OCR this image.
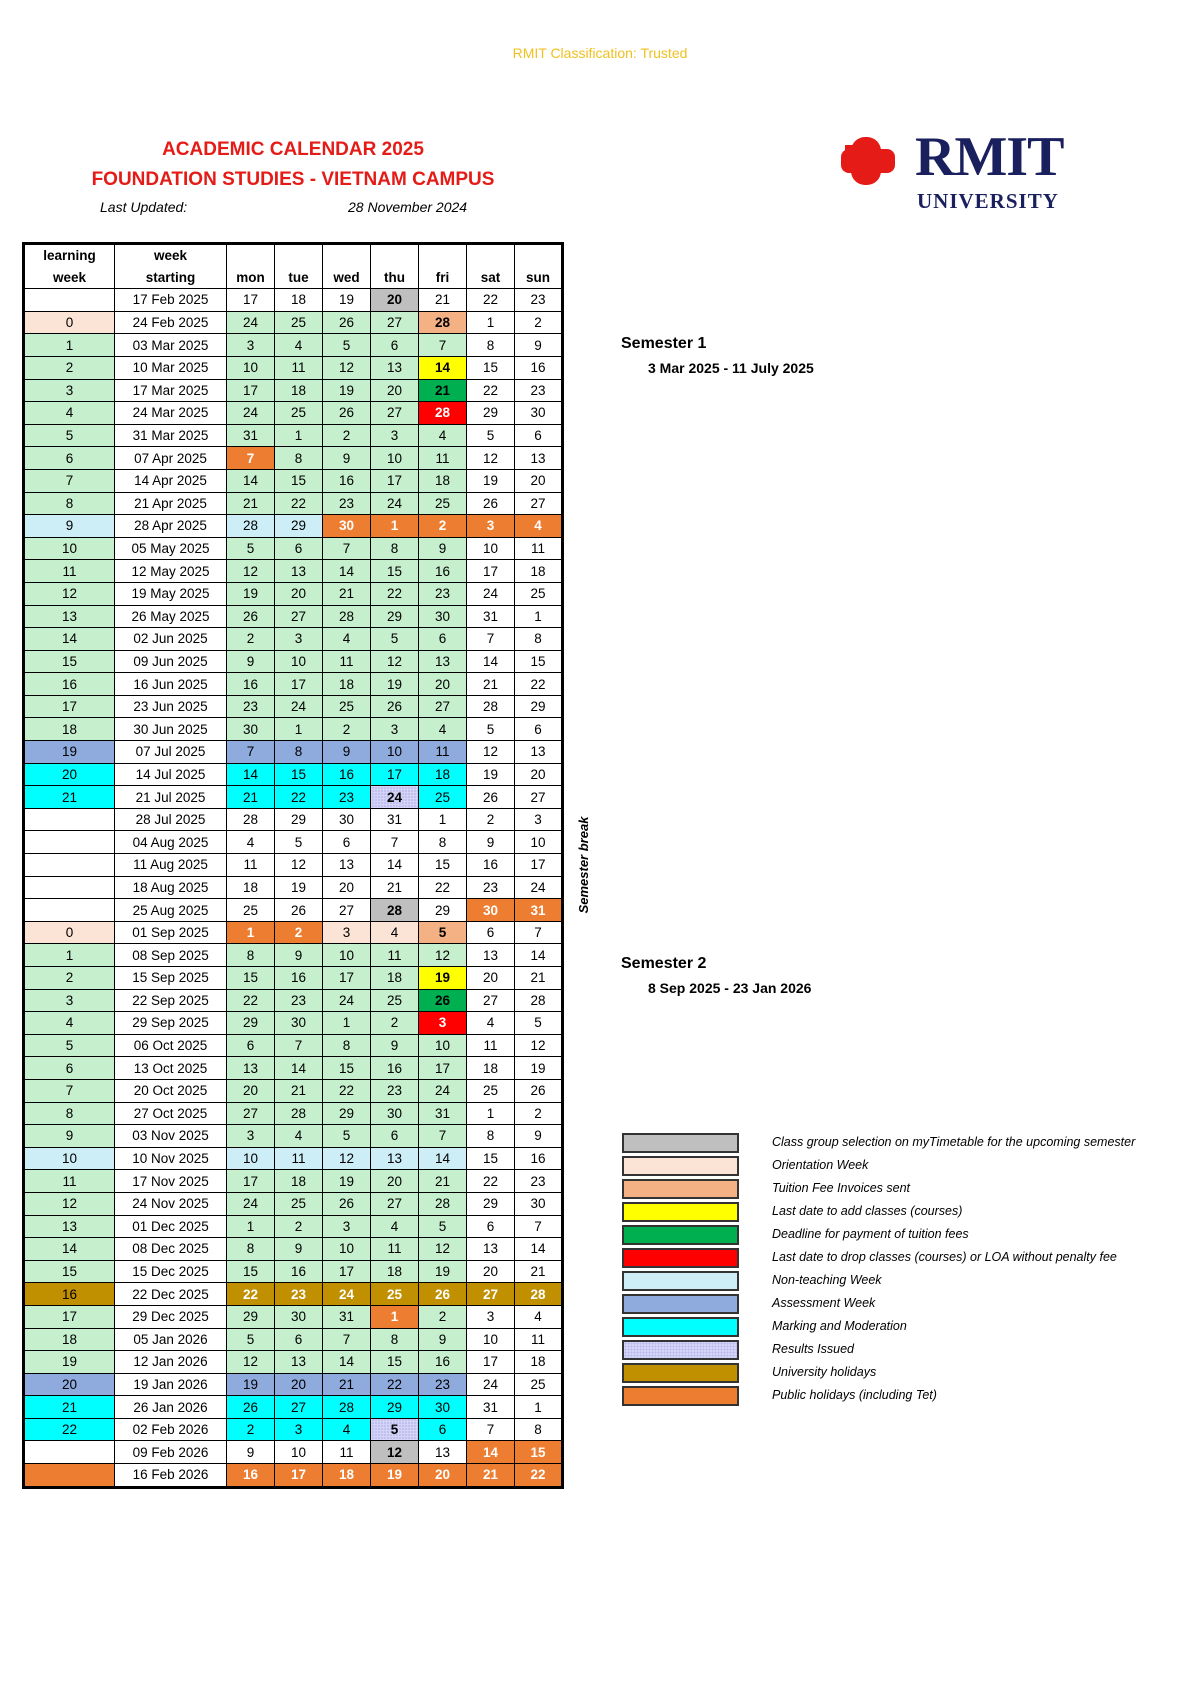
RMIT Classification: Trusted
ACADEMIC CALENDAR 2025
FOUNDATION STUDIES - VIETNAM CAMPUS
Last Updated:	28 November 2024
RMIT
UNIVERSITY
learning	week							
week	starting	mon	tue	wed	thu	fri	sat	sun
	17 Feb 2025	17	18	19	20	21	22	23
0	24 Feb 2025	24	25	26	27	28	1	2
1	03 Mar 2025	3	4	5	6	7	8	9
2	10 Mar 2025	10	11	12	13	14	15	16
3	17 Mar 2025	17	18	19	20	21	22	23
4	24 Mar 2025	24	25	26	27	28	29	30
5	31 Mar 2025	31	1	2	3	4	5	6
6	07 Apr 2025	7	8	9	10	11	12	13
7	14 Apr 2025	14	15	16	17	18	19	20
8	21 Apr 2025	21	22	23	24	25	26	27
9	28 Apr 2025	28	29	30	1	2	3	4
10	05 May 2025	5	6	7	8	9	10	11
11	12 May 2025	12	13	14	15	16	17	18
12	19 May 2025	19	20	21	22	23	24	25
13	26 May 2025	26	27	28	29	30	31	1
14	02 Jun 2025	2	3	4	5	6	7	8
15	09 Jun 2025	9	10	11	12	13	14	15
16	16 Jun 2025	16	17	18	19	20	21	22
17	23 Jun 2025	23	24	25	26	27	28	29
18	30 Jun 2025	30	1	2	3	4	5	6
19	07 Jul 2025	7	8	9	10	11	12	13
20	14 Jul 2025	14	15	16	17	18	19	20
21	21 Jul 2025	21	22	23	24	25	26	27
	28 Jul 2025	28	29	30	31	1	2	3
	04 Aug 2025	4	5	6	7	8	9	10
	11 Aug 2025	11	12	13	14	15	16	17
	18 Aug 2025	18	19	20	21	22	23	24
	25 Aug 2025	25	26	27	28	29	30	31
0	01 Sep 2025	1	2	3	4	5	6	7
1	08 Sep 2025	8	9	10	11	12	13	14
2	15 Sep 2025	15	16	17	18	19	20	21
3	22 Sep 2025	22	23	24	25	26	27	28
4	29 Sep 2025	29	30	1	2	3	4	5
5	06 Oct 2025	6	7	8	9	10	11	12
6	13 Oct 2025	13	14	15	16	17	18	19
7	20 Oct 2025	20	21	22	23	24	25	26
8	27 Oct 2025	27	28	29	30	31	1	2
9	03 Nov 2025	3	4	5	6	7	8	9
10	10 Nov 2025	10	11	12	13	14	15	16
11	17 Nov 2025	17	18	19	20	21	22	23
12	24 Nov 2025	24	25	26	27	28	29	30
13	01 Dec 2025	1	2	3	4	5	6	7
14	08 Dec 2025	8	9	10	11	12	13	14
15	15 Dec 2025	15	16	17	18	19	20	21
16	22 Dec 2025	22	23	24	25	26	27	28
17	29 Dec 2025	29	30	31	1	2	3	4
18	05 Jan 2026	5	6	7	8	9	10	11
19	12 Jan 2026	12	13	14	15	16	17	18
20	19 Jan 2026	19	20	21	22	23	24	25
21	26 Jan 2026	26	27	28	29	30	31	1
22	02 Feb 2026	2	3	4	5	6	7	8
	09 Feb 2026	9	10	11	12	13	14	15
	16 Feb 2026	16	17	18	19	20	21	22
Semester 1
3 Mar 2025 - 11 July 2025
Semester 2
8 Sep 2025 - 23 Jan 2026
Semester break
Class group selection on myTimetable for the upcoming semester
Orientation Week
Tuition Fee Invoices sent
Last date to add classes (courses)
Deadline for payment of tuition fees
Last date to drop classes (courses) or LOA without penalty fee
Non-teaching Week
Assessment Week
Marking and Moderation
Results Issued
University holidays
Public holidays (including Tet)
